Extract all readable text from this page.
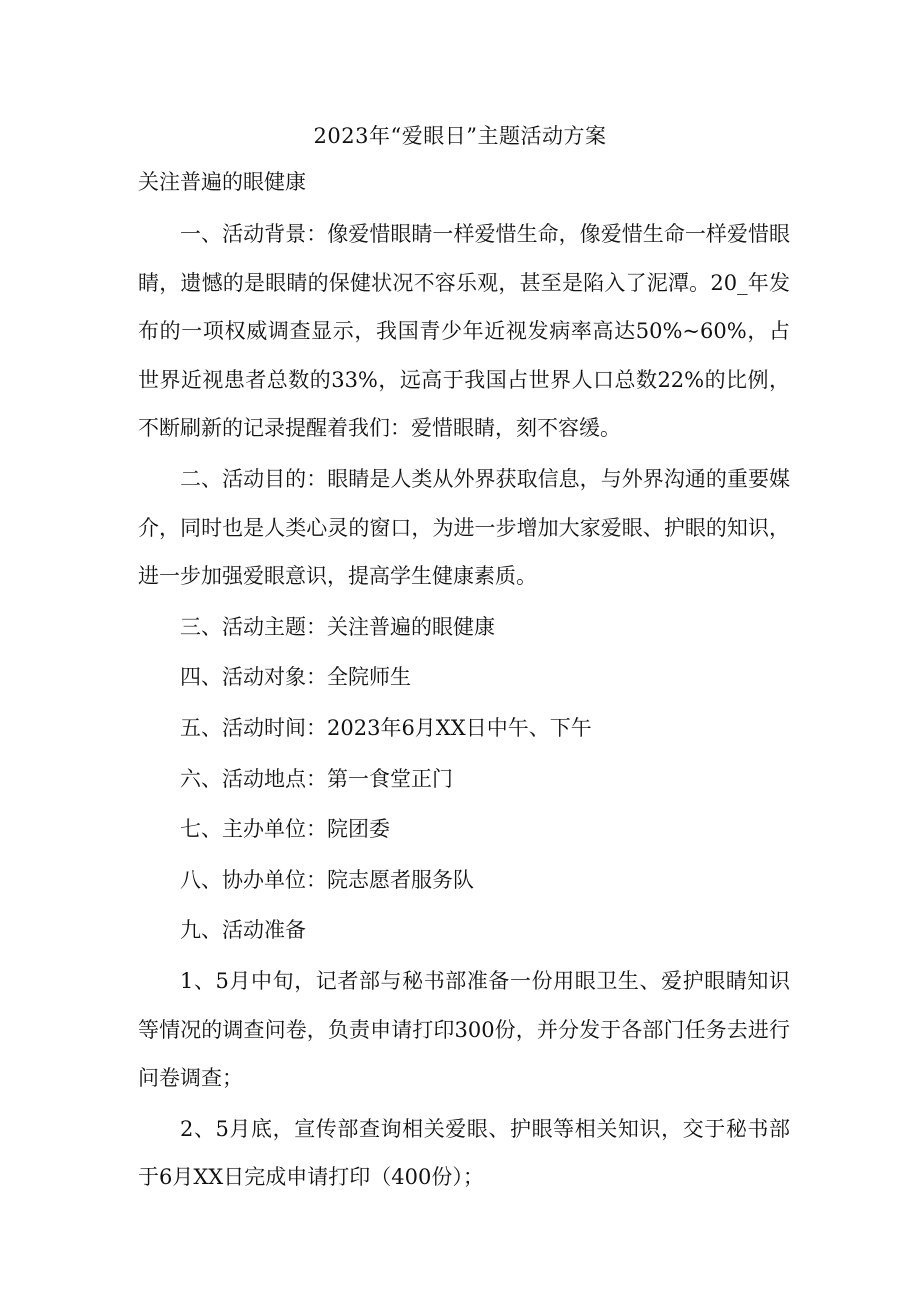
2023年“爱眼日”主题活动方案
关注普遍的眼健康

一、活动背景：像爱惜眼睛一样爱惜生命，像爱惜生命一样爱惜眼睛，遗憾的是眼睛的保健状况不容乐观，甚至是陷入了泥潭。20_年发布的一项权威调查显示，我国青少年近视发病率高达50%~60%，占世界近视患者总数的33%，远高于我国占世界人口总数22%的比例，不断刷新的记录提醒着我们：爱惜眼睛，刻不容缓。

二、活动目的：眼睛是人类从外界获取信息，与外界沟通的重要媒介，同时也是人类心灵的窗口，为进一步增加大家爱眼、护眼的知识，进一步加强爱眼意识，提高学生健康素质。

三、活动主题：关注普遍的眼健康

四、活动对象：全院师生

五、活动时间：2023年6月XX日中午、下午

六、活动地点：第一食堂正门

七、主办单位：院团委

八、协办单位：院志愿者服务队

九、活动准备

1、5月中旬，记者部与秘书部准备一份用眼卫生、爱护眼睛知识等情况的调查问卷，负责申请打印300份，并分发于各部门任务去进行问卷调查；

2、5月底，宣传部查询相关爱眼、护眼等相关知识，交于秘书部于6月XX日完成申请打印（400份）；
